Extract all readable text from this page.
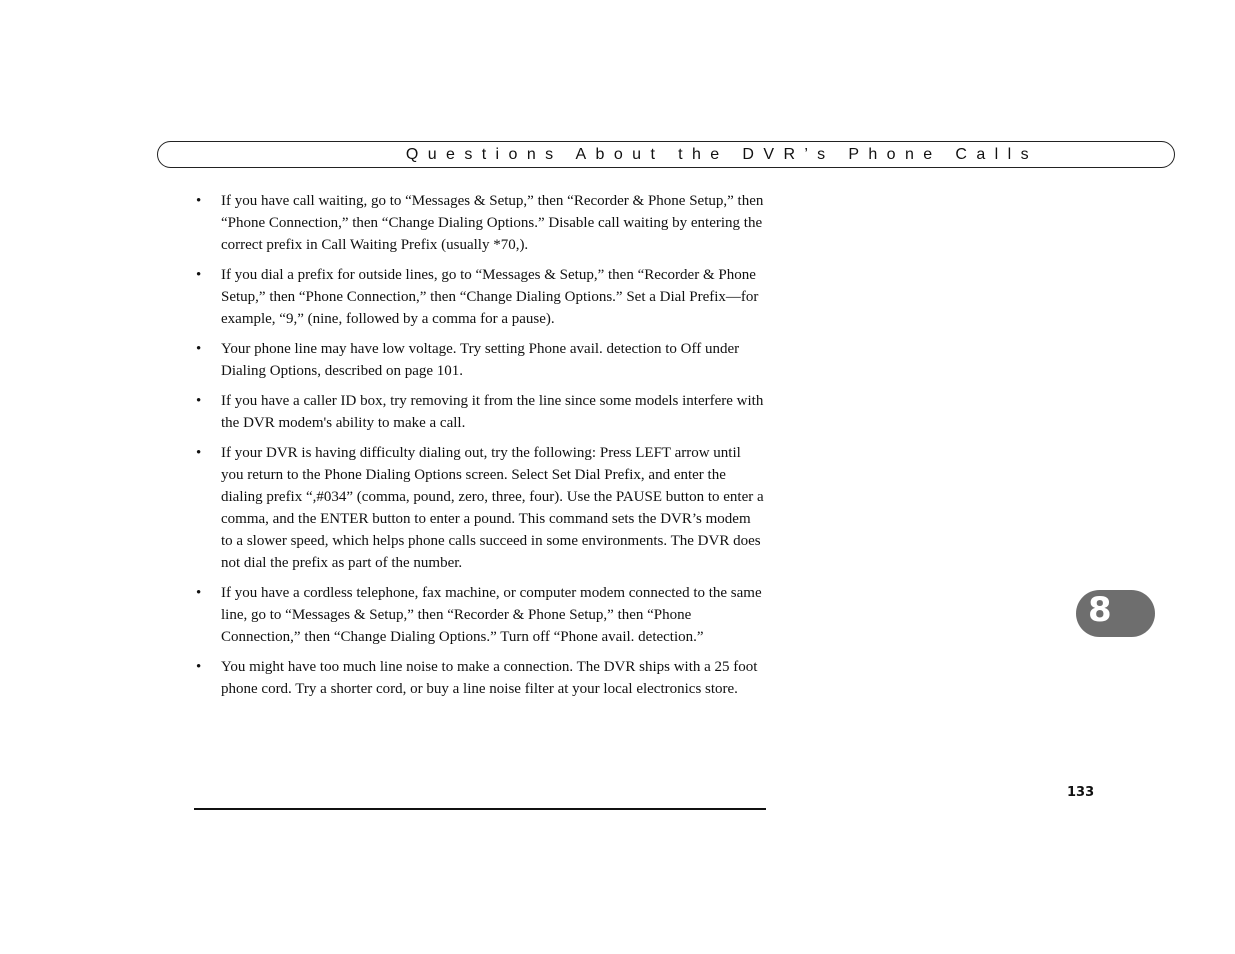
Questions About the DVR’s Phone Calls
•	If you have call waiting, go to “Messages & Setup,” then “Recorder & Phone Setup,” then “Phone Connection,” then “Change Dialing Options.” Disable call waiting by entering the correct prefix in Call Waiting Prefix (usually *70,).
•	If you dial a prefix for outside lines, go to “Messages & Setup,” then “Recorder & Phone Setup,” then “Phone Connection,” then “Change Dialing Options.” Set a Dial Prefix—for example, “9,” (nine, followed by a comma for a pause).
•	Your phone line may have low voltage. Try setting Phone avail. detection to Off under Dialing Options, described on page 101.
•	If you have a caller ID box, try removing it from the line since some models interfere with the DVR modem's ability to make a call.
•	If your DVR is having difficulty dialing out, try the following: Press LEFT arrow until you return to the Phone Dialing Options screen. Select Set Dial Prefix, and enter the dialing prefix “,#034” (comma, pound, zero, three, four). Use the PAUSE button to enter a comma, and the ENTER button to enter a pound. This command sets the DVR’s modem to a slower speed, which helps phone calls succeed in some environments. The DVR does not dial the prefix as part of the number.
•	If you have a cordless telephone, fax machine, or computer modem connected to the same line, go to “Messages & Setup,” then “Recorder & Phone Setup,” then “Phone Connection,” then “Change Dialing Options.” Turn off “Phone avail. detection.”
•	You might have too much line noise to make a connection. The DVR ships with a 25 foot phone cord. Try a shorter cord, or buy a line noise filter at your local electronics store.
8
133
